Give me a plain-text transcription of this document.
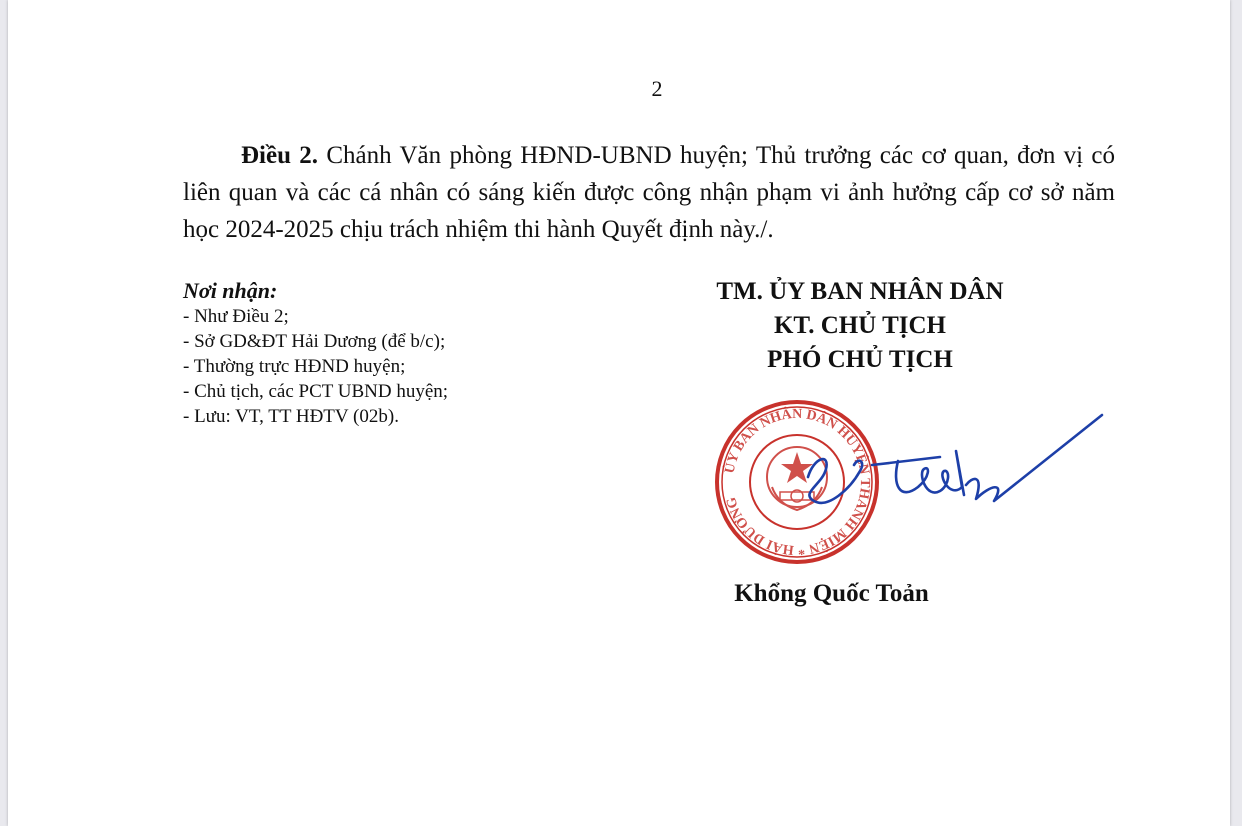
2

Điều 2. Chánh Văn phòng HĐND-UBND huyện; Thủ trưởng các cơ quan, đơn vị có liên quan và các cá nhân có sáng kiến được công nhận phạm vi ảnh hưởng cấp cơ sở năm học 2024-2025 chịu trách nhiệm thi hành Quyết định này./.

Nơi nhận:
- Như Điều 2;
- Sở GD&ĐT Hải Dương (để b/c);
- Thường trực HĐND huyện;
- Chủ tịch, các PCT UBND huyện;
- Lưu: VT, TT HĐTV (02b).
TM. ỦY BAN NHÂN DÂN
KT. CHỦ TỊCH
PHÓ CHỦ TỊCH
ỦY BAN NHÂN DÂN HUYỆN THANH MIỆN * HẢI DƯƠNG
Khổng Quốc Toản
